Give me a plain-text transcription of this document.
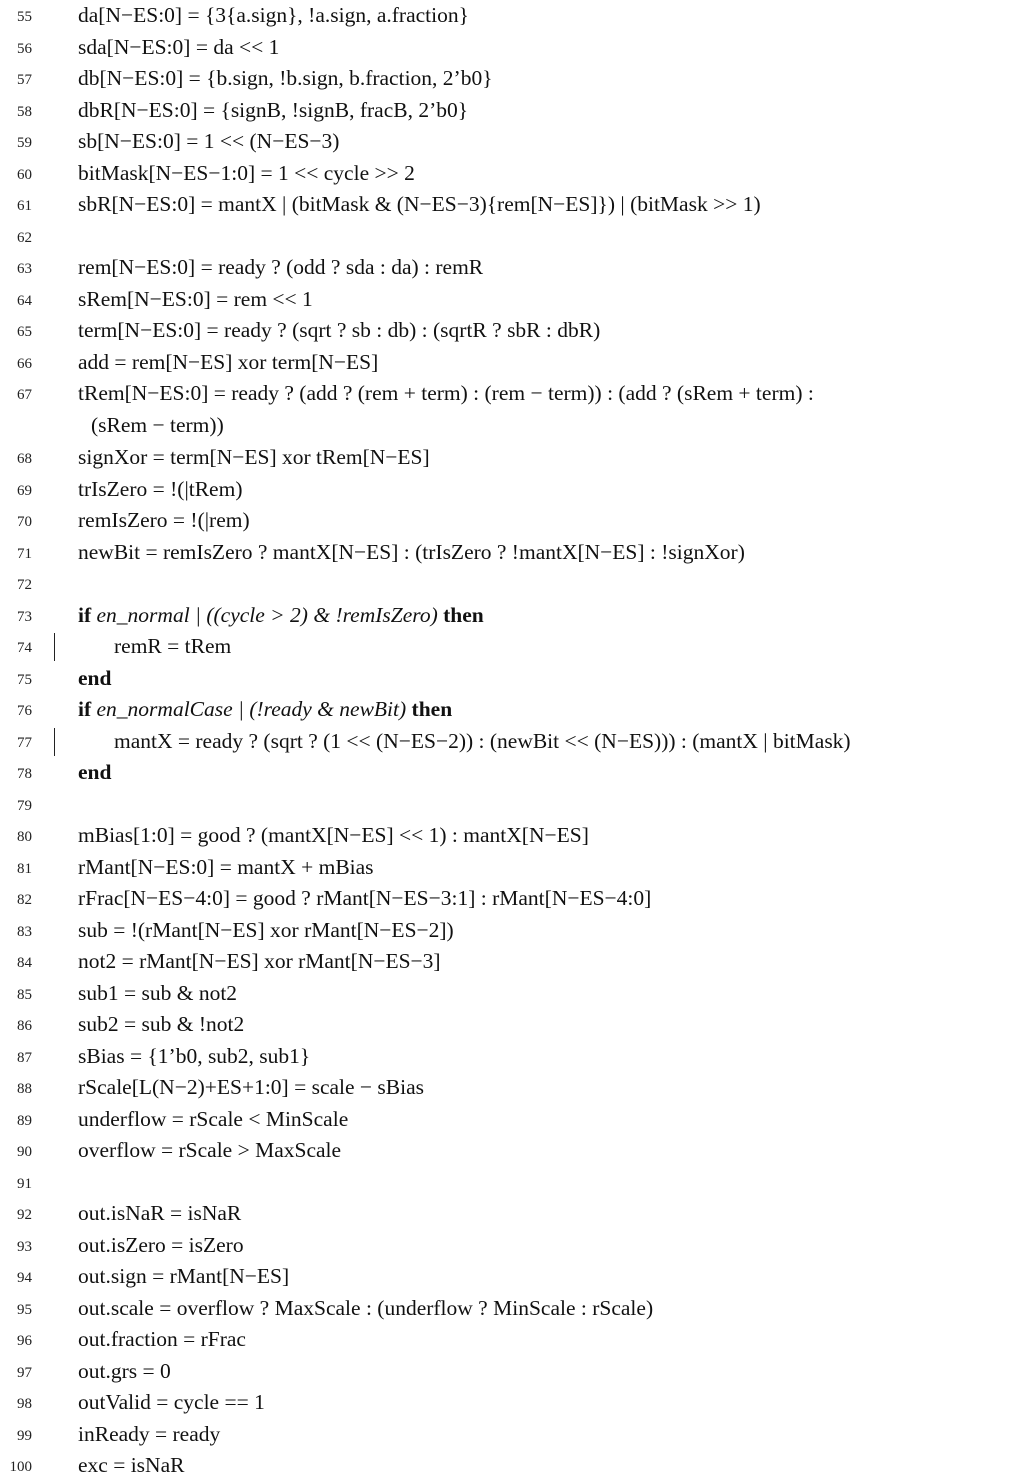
55 da[N−ES:0] = {3{a.sign}, !a.sign, a.fraction}
56 sda[N−ES:0] = da << 1
57 db[N−ES:0] = {b.sign, !b.sign, b.fraction, 2’b0}
58 dbR[N−ES:0] = {signB, !signB, fracB, 2’b0}
59 sb[N−ES:0] = 1 << (N−ES−3)
60 bitMask[N−ES−1:0] = 1 << cycle >> 2
61 sbR[N−ES:0] = mantX | (bitMask & (N−ES−3){rem[N−ES]}) | (bitMask >> 1)
62
63 rem[N−ES:0] = ready ? (odd ? sda : da) : remR
64 sRem[N−ES:0] = rem << 1
65 term[N−ES:0] = ready ? (sqrt ? sb : db) : (sqrtR ? sbR : dbR)
66 add = rem[N−ES] xor term[N−ES]
67 tRem[N−ES:0] = ready ? (add ? (rem + term) : (rem − term)) : (add ? (sRem + term) :
(sRem − term))
68 signXor = term[N−ES] xor tRem[N−ES]
69 trIsZero = !(|tRem)
70 remIsZero = !(|rem)
71 newBit = remIsZero ? mantX[N−ES] : (trIsZero ? !mantX[N−ES] : !signXor)
72
73 if en_normal | ((cycle > 2) & !remIsZero) then
74	remR = tRem
75 end
76 if en_normalCase | (!ready & newBit) then
77	mantX = ready ? (sqrt ? (1 << (N−ES−2)) : (newBit << (N−ES))) : (mantX | bitMask)
78 end
79
80 mBias[1:0] = good ? (mantX[N−ES] << 1) : mantX[N−ES]
81 rMant[N−ES:0] = mantX + mBias
82 rFrac[N−ES−4:0] = good ? rMant[N−ES−3:1] : rMant[N−ES−4:0]
83 sub = !(rMant[N−ES] xor rMant[N−ES−2])
84 not2 = rMant[N−ES] xor rMant[N−ES−3]
85 sub1 = sub & not2
86 sub2 = sub & !not2
87 sBias = {1’b0, sub2, sub1}
88 rScale[L(N−2)+ES+1:0] = scale − sBias
89 underflow = rScale < MinScale
90 overflow = rScale > MaxScale
91
92 out.isNaR = isNaR
93 out.isZero = isZero
94 out.sign = rMant[N−ES]
95 out.scale = overflow ? MaxScale : (underflow ? MinScale : rScale)
96 out.fraction = rFrac
97 out.grs = 0
98 outValid = cycle == 1
99 inReady = ready
100 exc = isNaR
